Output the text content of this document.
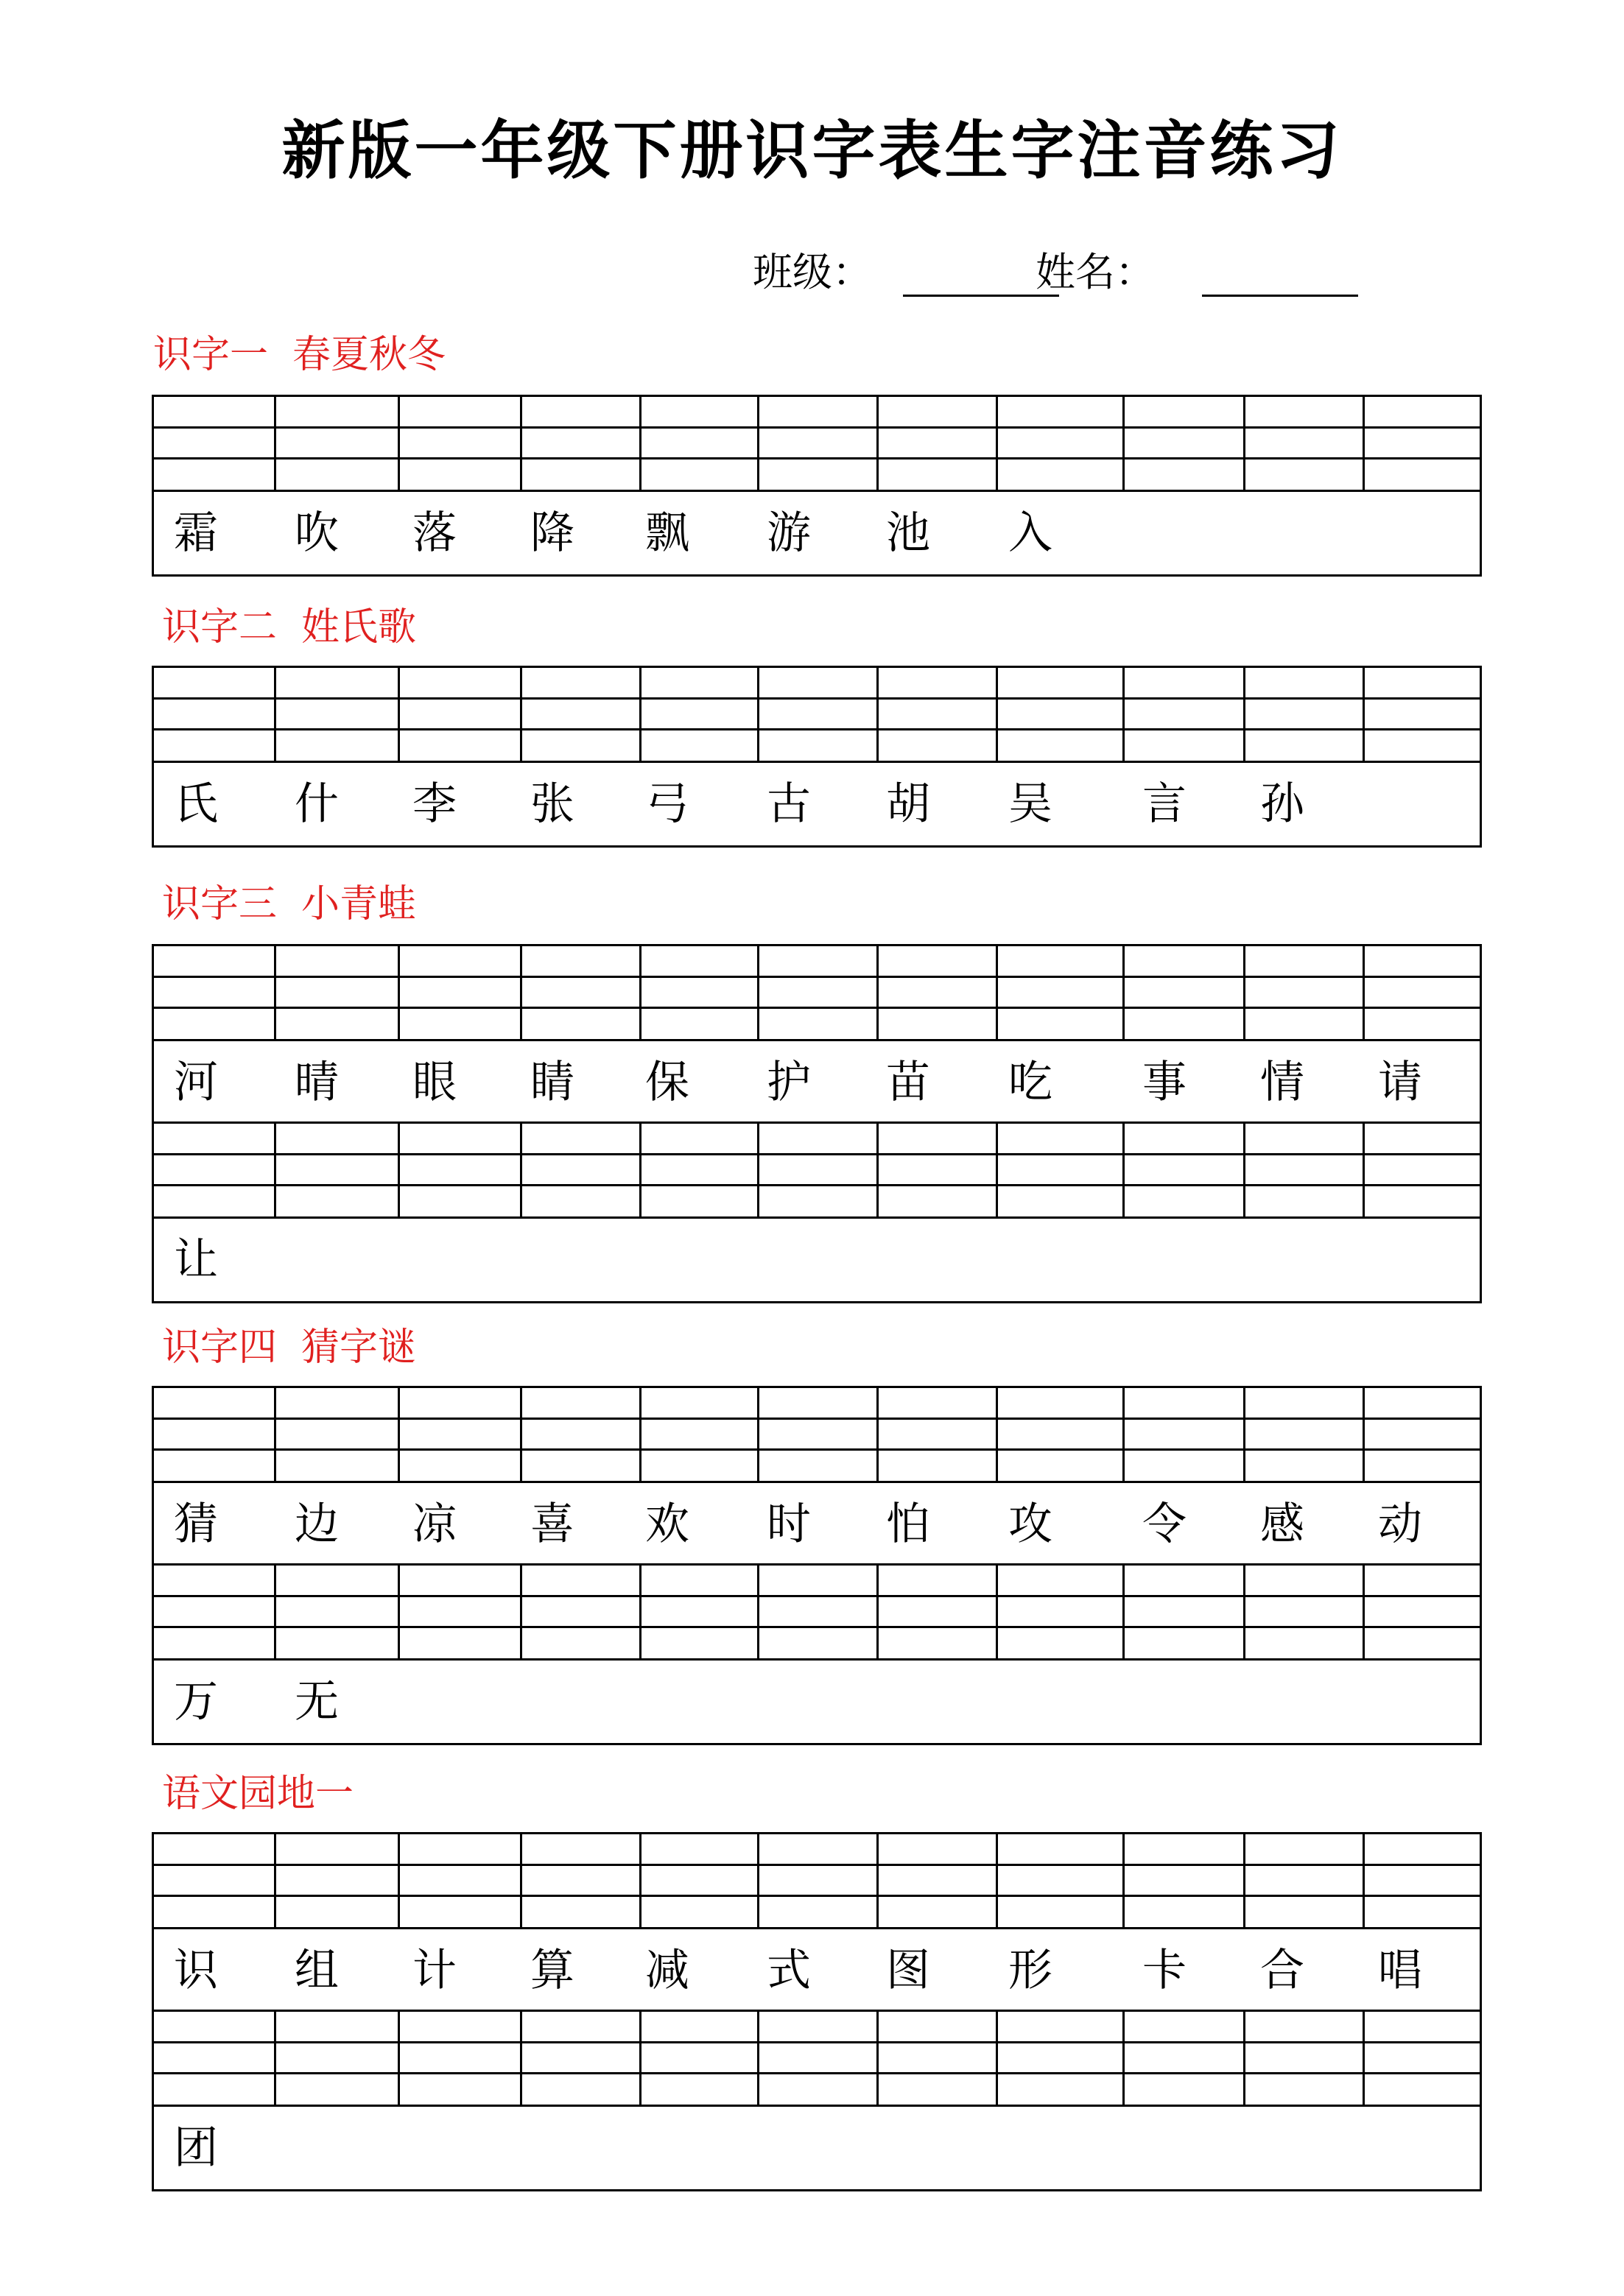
新版一年级下册识字表生字注音练习
班级：	姓名：
识字一  春夏秋冬
霜	吹	落	降	飘	游	池	入
识字二  姓氏歌
氏	什	李	张	弓	古	胡	吴	言	孙
识字三  小青蛙
河	晴	眼	睛	保	护	苗	吃	事	情	请
让
识字四  猜字谜
猜	边	凉	喜	欢	时	怕	攻	令	感	动
万	无
语文园地一
识	组	计	算	减	式	图	形	卡	合	唱
团
